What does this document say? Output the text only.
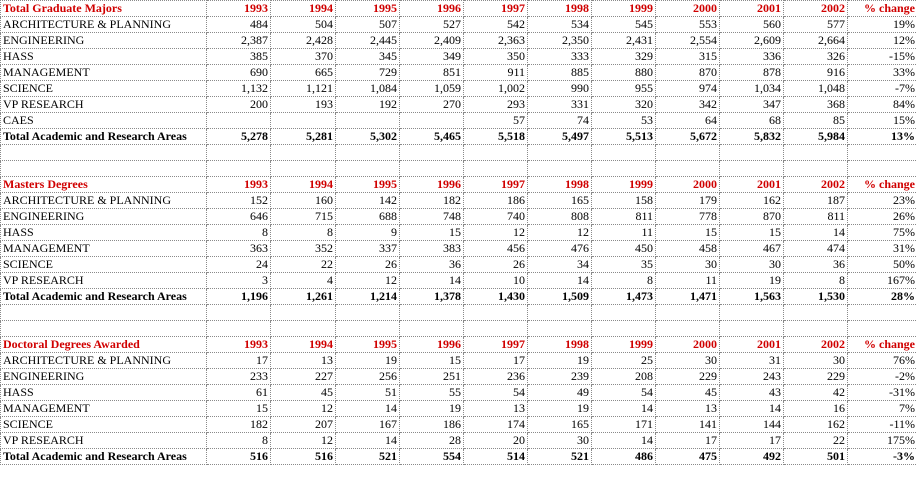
Total Graduate Majors	1993	1994	1995	1996	1997	1998	1999	2000	2001	2002	% change
ARCHITECTURE & PLANNING	484	504	507	527	542	534	545	553	560	577	19%
ENGINEERING	2,387	2,428	2,445	2,409	2,363	2,350	2,431	2,554	2,609	2,664	12%
HASS	385	370	345	349	350	333	329	315	336	326	-15%
MANAGEMENT	690	665	729	851	911	885	880	870	878	916	33%
SCIENCE	1,132	1,121	1,084	1,059	1,002	990	955	974	1,034	1,048	-7%
VP RESEARCH	200	193	192	270	293	331	320	342	347	368	84%
CAES					57	74	53	64	68	85	15%
Total Academic and Research Areas	5,278	5,281	5,302	5,465	5,518	5,497	5,513	5,672	5,832	5,984	13%

Masters Degrees	1993	1994	1995	1996	1997	1998	1999	2000	2001	2002	% change
ARCHITECTURE & PLANNING	152	160	142	182	186	165	158	179	162	187	23%
ENGINEERING	646	715	688	748	740	808	811	778	870	811	26%
HASS	8	8	9	15	12	12	11	15	15	14	75%
MANAGEMENT	363	352	337	383	456	476	450	458	467	474	31%
SCIENCE	24	22	26	36	26	34	35	30	30	36	50%
VP RESEARCH	3	4	12	14	10	14	8	11	19	8	167%
Total Academic and Research Areas	1,196	1,261	1,214	1,378	1,430	1,509	1,473	1,471	1,563	1,530	28%

Doctoral Degrees Awarded	1993	1994	1995	1996	1997	1998	1999	2000	2001	2002	% change
ARCHITECTURE & PLANNING	17	13	19	15	17	19	25	30	31	30	76%
ENGINEERING	233	227	256	251	236	239	208	229	243	229	-2%
HASS	61	45	51	55	54	49	54	45	43	42	-31%
MANAGEMENT	15	12	14	19	13	19	14	13	14	16	7%
SCIENCE	182	207	167	186	174	165	171	141	144	162	-11%
VP RESEARCH	8	12	14	28	20	30	14	17	17	22	175%
Total Academic and Research Areas	516	516	521	554	514	521	486	475	492	501	-3%
